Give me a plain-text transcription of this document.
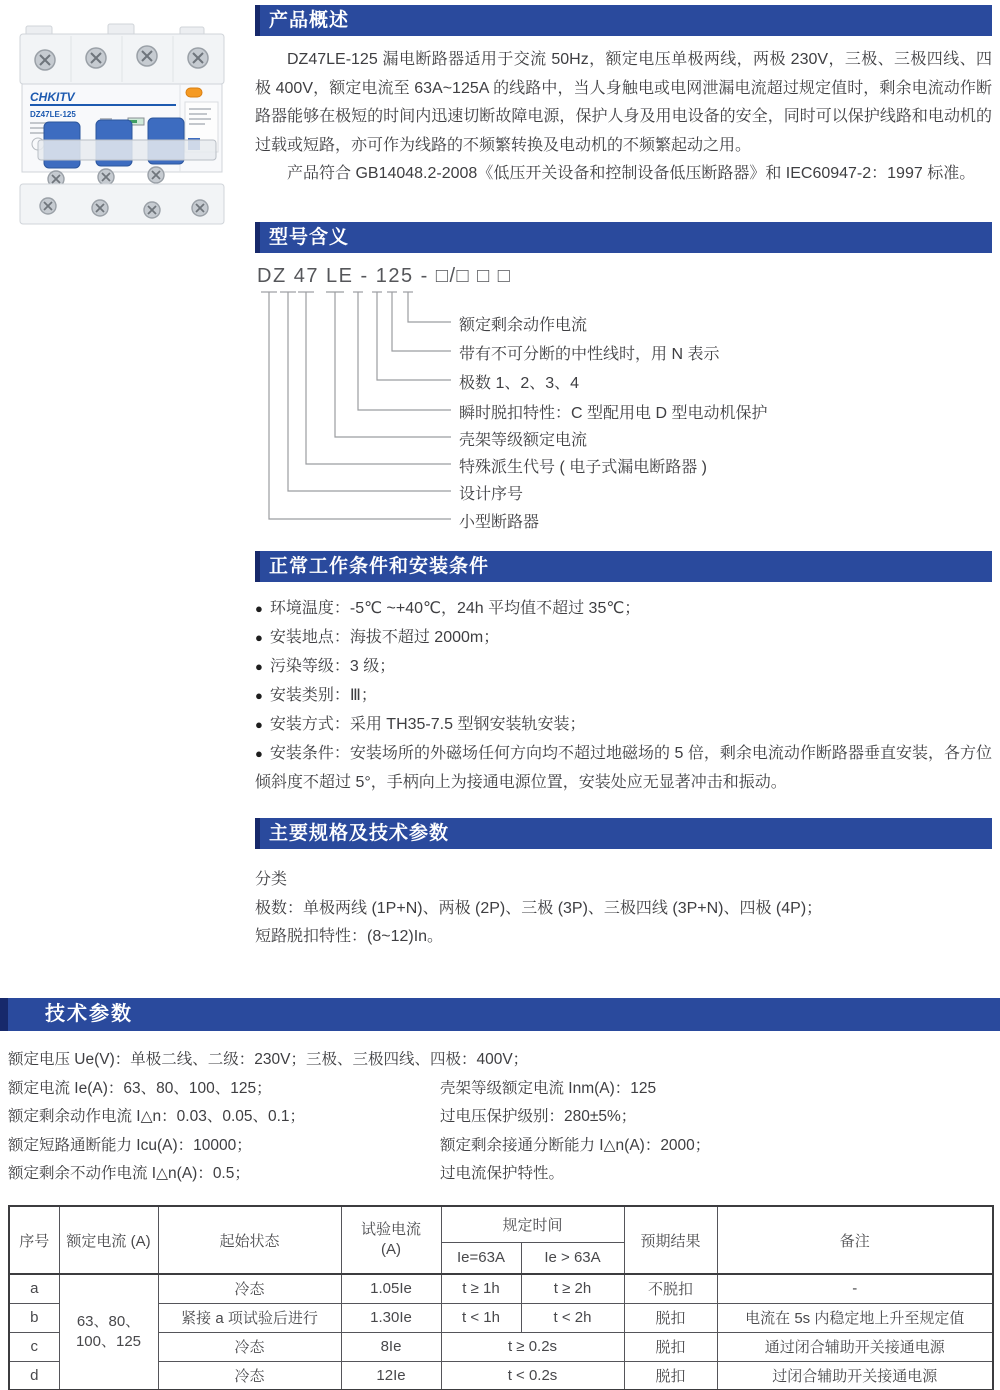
CHKITV
DZ47LE-125
产品概述

DZ47LE-125 漏电断路器适用于交流 50Hz，额定电压单极两线，两极 230V，三极、三极四线、四极 400V，额定电流至 63A~125A 的线路中，当人身触电或电网泄漏电流超过规定值时，剩余电流动作断路器能够在极短的时间内迅速切断故障电源，保护人身及用电设备的安全，同时可以保护线路和电动机的过载或短路，亦可作为线路的不频繁转换及电动机的不频繁起动之用。

产品符合 GB14048.2-2008《低压开关设备和控制设备低压断路器》和 IEC60947-2：1997 标准。

型号含义
DZ 47 LE - 125 - □/□ □ □
额定剩余动作电流
带有不可分断的中性线时，用 N 表示
极数 1、2、3、4
瞬时脱扣特性：C 型配用电 D 型电动机保护
壳架等级额定电流
特殊派生代号 ( 电子式漏电断路器 )
设计序号
小型断路器
正常工作条件和安装条件
● 环境温度：-5℃ ~+40℃，24h 平均值不超过 35℃；
● 安装地点：海拔不超过 2000m；
● 污染等级：3 级；
● 安装类别：Ⅲ；
● 安装方式：采用 TH35-7.5 型钢安装轨安装；
● 安装条件：安装场所的外磁场任何方向均不超过地磁场的 5 倍，剩余电流动作断路器垂直安装，各方位倾斜度不超过 5°，手柄向上为接通电源位置，安装处应无显著冲击和振动。
主要规格及技术参数
分类
极数：单极两线 (1P+N)、两极 (2P)、三极 (3P)、三极四线 (3P+N)、四极 (4P)；
短路脱扣特性：(8~12)In。
技术参数
额定电压 Ue(V)：单极二线、二级：230V；三极、三极四线、四极：400V；
额定电流 Ie(A)：63、80、100、125；
额定剩余动作电流 I△n：0.03、0.05、0.1；
额定短路通断能力 Icu(A)：10000；
额定剩余不动作电流 I△n(A)：0.5；
壳架等级额定电流 Inm(A)：125
过电压保护级别：280±5%；
额定剩余接通分断能力 I△n(A)：2000；
过电流保护特性。
序号	额定电流 (A)	起始状态	试验电流
(A)	规定时间		预期结果	备注
				Ie=63A	Ie > 63A		
a	63、80、
100、125	冷态	1.05Ie	t ≥ 1h	t ≥ 2h	不脱扣	-
b		紧接 a 项试验后进行	1.30Ie	t < 1h	t < 2h	脱扣	电流在 5s 内稳定地上升至规定值
c		冷态	8Ie	t ≥ 0.2s		脱扣	通过闭合辅助开关接通电源
d		冷态	12Ie	t < 0.2s		脱扣	过闭合辅助开关接通电源
